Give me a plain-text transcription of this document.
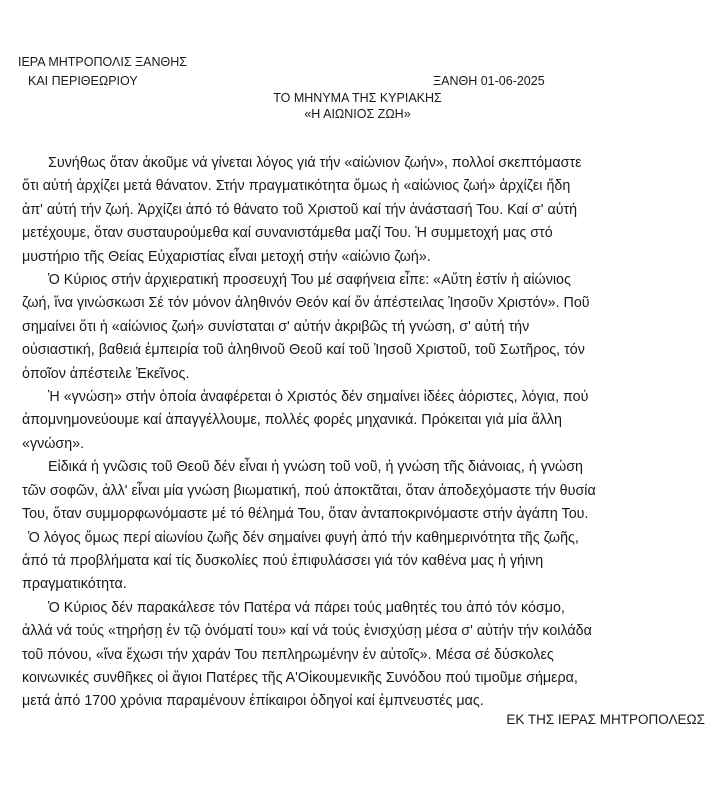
ΙΕΡΑ ΜΗΤΡΟΠΟΛΙΣ ΞΑΝΘΗΣ
ΚΑΙ ΠΕΡΙΘΕΩΡΙΟΥ	ΞΑΝΘΗ 01-06-2025
ΤΟ ΜΗΝΥΜΑ ΤΗΣ ΚΥΡΙΑΚΗΣ
«Η ΑΙΩΝΙΟΣ ΖΩΗ»

Συνήθως ὅταν ἀκοῦμε νά γίνεται λόγος γιά τήν «αἰώνιον ζωήν», πολλοί σκεπτόμαστε
ὅτι αὐτή ἀρχίζει μετά θάνατον. Στήν πραγματικότητα ὅμως ἡ «αἰώνιος ζωή» ἀρχίζει ἤδη
ἀπ' αὐτή τήν ζωή. Ἀρχίζει ἀπό τό θάνατο τοῦ Χριστοῦ καί τήν ἀνάστασή Του. Καί σ' αὐτή
μετέχουμε, ὅταν συσταυρούμεθα καί συνανιστάμεθα μαζί Του. Ἡ συμμετοχή μας στό
μυστήριο τῆς Θείας Εὐχαριστίας εἶναι μετοχή στήν «αἰώνιο ζωή».

Ὁ Κύριος στήν ἀρχιερατική προσευχή Του μέ σαφήνεια εἶπε: «Αὕτη ἐστίν ἡ αἰώνιος
ζωή, ἵνα γινώσκωσι Σέ τόν μόνον ἀληθινόν Θεόν καί ὅν ἀπέστειλας Ἰησοῦν Χριστόν». Ποῦ
σημαίνει ὅτι ἡ «αἰώνιος ζωή» συνίσταται σ' αὐτήν ἀκριβῶς τή γνώση, σ' αὐτή τήν
οὐσιαστική, βαθειά ἐμπειρία τοῦ ἀληθινοῦ Θεοῦ καί τοῦ Ἰησοῦ Χριστοῦ, τοῦ Σωτῆρος, τόν
ὁποῖον ἀπέστειλε Ἐκεῖνος.

Ἡ «γνώση» στήν ὁποία ἀναφέρεται ὁ Χριστός δέν σημαίνει ἰδέες ἀόριστες, λόγια, πού
ἀπομνημονεύουμε καί ἀπαγγέλλουμε, πολλές φορές μηχανικά. Πρόκειται γιά μία ἄλλη
«γνώση».

Εἰδικά ἡ γνῶσις τοῦ Θεοῦ δέν εἶναι ἡ γνώση τοῦ νοῦ, ἡ γνώση τῆς διάνοιας, ἡ γνώση
τῶν σοφῶν, ἀλλ' εἶναι μία γνώση βιωματική, πού ἀποκτᾶται, ὅταν ἀποδεχόμαστε τήν θυσία
Του, ὅταν συμμορφωνόμαστε μέ τό θέλημά Του, ὅταν ἀνταποκρινόμαστε στήν ἀγάπη Του.

Ὁ λόγος ὅμως περί αἰωνίου ζωῆς δέν σημαίνει φυγή ἀπό τήν καθημερινότητα τῆς ζωῆς,
ἀπό τά προβλήματα καί τίς δυσκολίες πού ἐπιφυλάσσει γιά τόν καθένα μας ἡ γήινη
πραγματικότητα.

Ὁ Κύριος δέν παρακάλεσε τόν Πατέρα νά πάρει τούς μαθητές του ἀπό τόν κόσμο,
ἀλλά νά τούς «τηρήσῃ ἐν τῷ ὀνόματί του» καί νά τούς ἐνισχύσῃ μέσα σ' αὐτήν τήν κοιλάδα
τοῦ πόνου, «ἵνα ἔχωσι τήν χαράν Του πεπληρωμένην ἐν αὐτοῖς». Μέσα σέ δύσκολες
κοινωνικές συνθῆκες οἱ ἅγιοι Πατέρες τῆς Α'Οἰκουμενικῆς Συνόδου πού τιμοῦμε σήμερα,
μετά ἀπό 1700 χρόνια παραμένουν ἐπίκαιροι ὁδηγοί καί ἐμπνευστές μας.

ΕΚ ΤΗΣ ΙΕΡΑΣ ΜΗΤΡΟΠΟΛΕΩΣ
